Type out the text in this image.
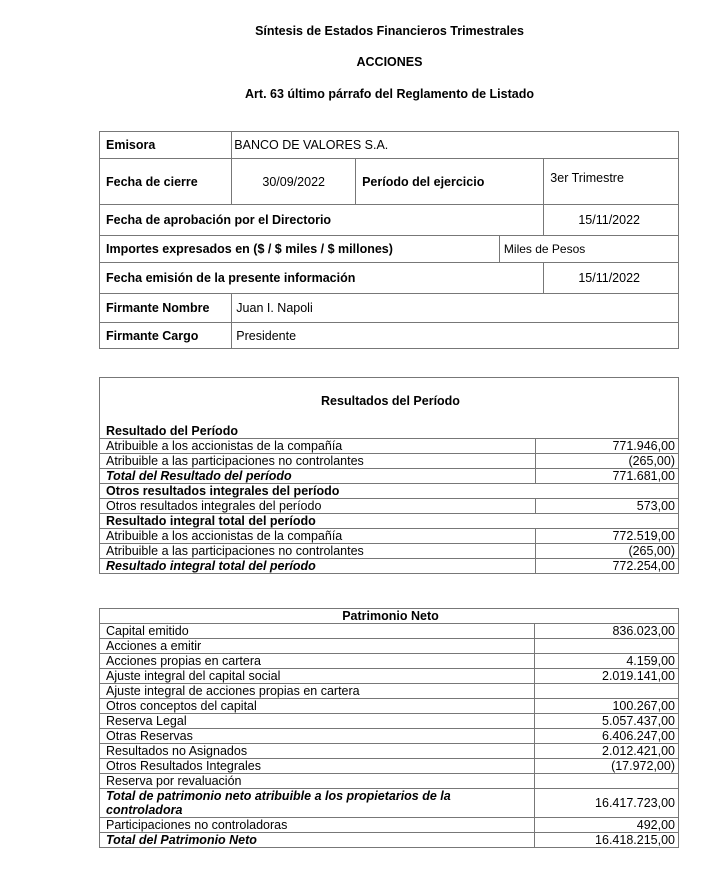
Síntesis de Estados Financieros Trimestrales
ACCIONES
Art. 63 último párrafo del Reglamento de Listado
Emisora	BANCO DE VALORES S.A.			
Fecha de cierre	30/09/2022	Período del ejercicio		3er Trimestre
Fecha de aprobación por el Directorio				15/11/2022
Importes expresados en ($ / $ miles / $ millones)			Miles de Pesos	
Fecha emisión de la presente información				15/11/2022
Firmante Nombre	Juan I. Napoli			
Firmante Cargo	Presidente			
Resultados del Período	
Resultado del Período	
Atribuible a los accionistas de la compañía	771.946,00
Atribuible a las participaciones no controlantes	(265,00)
Total del Resultado del período	771.681,00
Otros resultados integrales del período	
Otros resultados integrales del período	573,00
Resultado integral total del período	
Atribuible a los accionistas de la compañía	772.519,00
Atribuible a las participaciones no controlantes	(265,00)
Resultado integral total del período	772.254,00
Patrimonio Neto	
Capital emitido	836.023,00
Acciones a emitir	
Acciones propias en cartera	4.159,00
Ajuste integral del capital social	2.019.141,00
Ajuste integral de acciones propias en cartera	
Otros conceptos del capital	100.267,00
Reserva Legal	5.057.437,00
Otras Reservas	6.406.247,00
Resultados no Asignados	2.012.421,00
Otros Resultados Integrales	(17.972,00)
Reserva por revaluación	
Total de patrimonio neto atribuible a los propietarios de la controladora	16.417.723,00
Participaciones no controladoras	492,00
Total del Patrimonio Neto	16.418.215,00
